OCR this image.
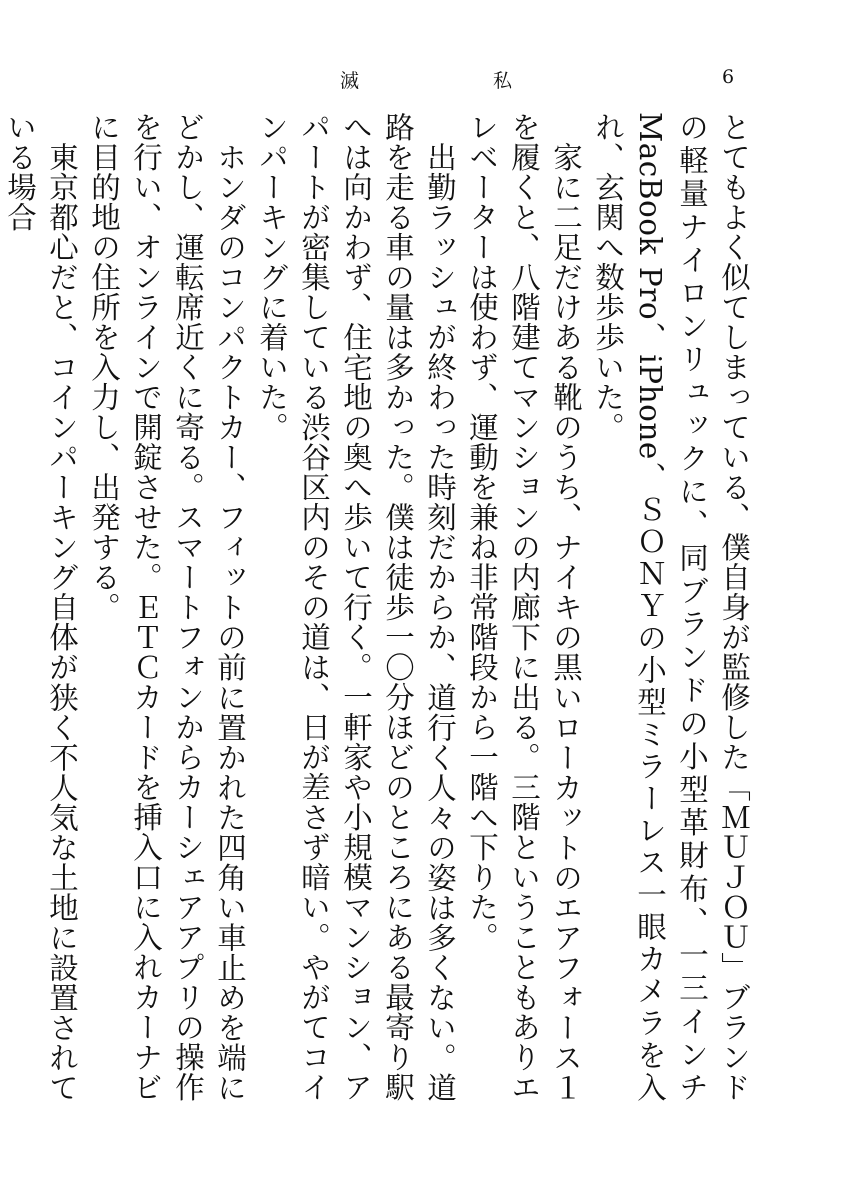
滅	私	6

とてもよく似てしまっている、僕自身が監修した「ＭＵＪＯＵ」ブランドの軽量ナイロンリュックに、同ブランドの小型革財布、一三インチ MacBook Pro、iPhone、ＳＯＮＹの小型ミラーレス一眼カメラを入れ、玄関へ数歩歩いた。

家に二足だけある靴のうち、ナイキの黒いローカットのエアフォース１を履くと、八階建てマンションの内廊下に出る。三階ということもありエレベーターは使わず、運動を兼ね非常階段から一階へ下りた。

出勤ラッシュが終わった時刻だからか、道行く人々の姿は多くない。道路を走る車の量は多かった。僕は徒歩一〇分ほどのところにある最寄り駅へは向かわず、住宅地の奥へ歩いて行く。一軒家や小規模マンション、アパートが密集している渋谷区内のその道は、日が差さず暗い。やがてコインパーキングに着いた。

ホンダのコンパクトカー、フィットの前に置かれた四角い車止めを端にどかし、運転席近くに寄る。スマートフォンからカーシェアアプリの操作を行い、オンラインで開錠させた。ＥＴＣカードを挿入口に入れカーナビに目的地の住所を入力し、出発する。

東京都心だと、コインパーキング自体が狭く不人気な土地に設置されている場合
